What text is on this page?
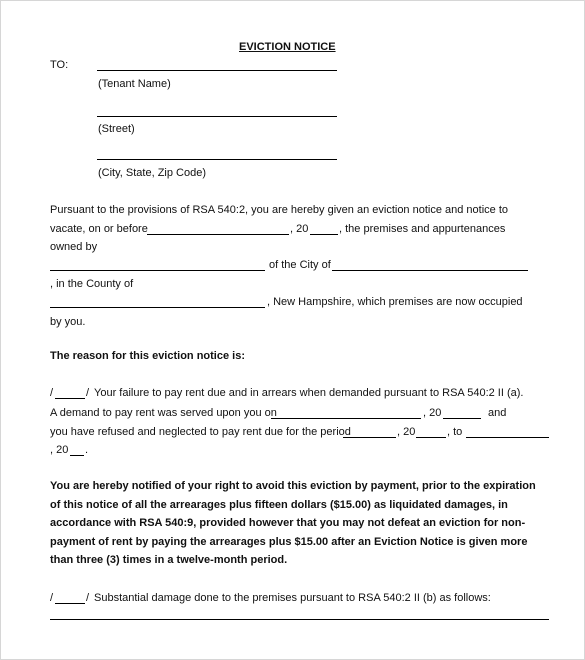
EVICTION NOTICE
TO:
(Tenant Name)
(Street)
(City, State, Zip Code)
Pursuant to the provisions of RSA 540:2, you are hereby given an eviction notice and notice to
vacate, on or before	, 20	, the premises and appurtenances
owned by
of the City of
, in the County of
, New Hampshire, which premises are now occupied
by you.
The reason for this eviction notice is:
/	/ Your failure to pay rent due and in arrears when demanded pursuant to RSA 540:2 II (a).
A demand to pay rent was served upon you on	, 20	and
you have refused and neglected to pay rent due for the period	, 20	, to
, 20 .
You are hereby notified of your right to avoid this eviction by payment, prior to the expiration
of this notice of all the arrearages plus fifteen dollars ($15.00) as liquidated damages, in
accordance with RSA 540:9, provided however that you may not defeat an eviction for non-
payment of rent by paying the arrearages plus $15.00 after an Eviction Notice is given more
than three (3) times in a twelve-month period.
/	/ Substantial damage done to the premises pursuant to RSA 540:2 II (b) as follows:
